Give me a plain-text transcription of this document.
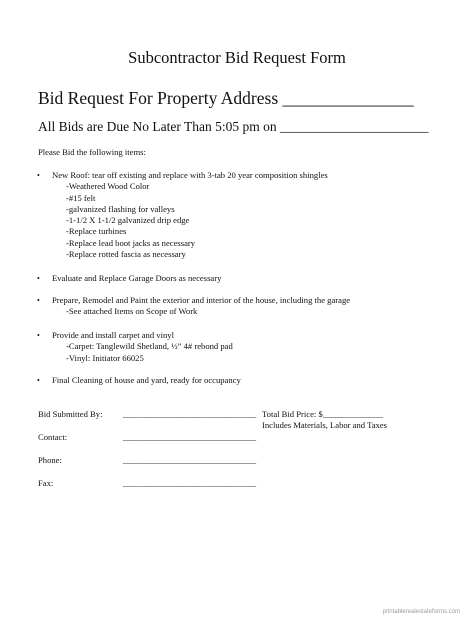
Subcontractor Bid Request Form
Bid Request For Property Address _______________
All Bids are Due No Later Than 5:05 pm on ______________________
Please Bid the following items:
• New Roof: tear off existing and replace with 3-tab 20 year composition shingles
-Weathered Wood Color
-#15 felt
-galvanized flashing for valleys
-1-1/2 X 1-1/2 galvanized drip edge
-Replace turbines
-Replace lead boot jacks as necessary
-Replace rotted fascia as necessary
• Evaluate and Replace Garage Doors as necessary
• Prepare, Remodel and Paint the exterior and interior of the house, including the garage
-See attached Items on Scope of Work
• Provide and install carpet and vinyl
-Carpet: Tanglewild Shetland, ½” 4# rebond pad
-Vinyl: Initiator 66025
• Final Cleaning of house and yard, ready for occupancy
Bid Submitted By: _______________________________ Total Bid Price: $______________
Includes Materials, Labor and Taxes
Contact:	_______________________________
Phone:	_______________________________
Fax:	_______________________________
printablerealestateforms.com
